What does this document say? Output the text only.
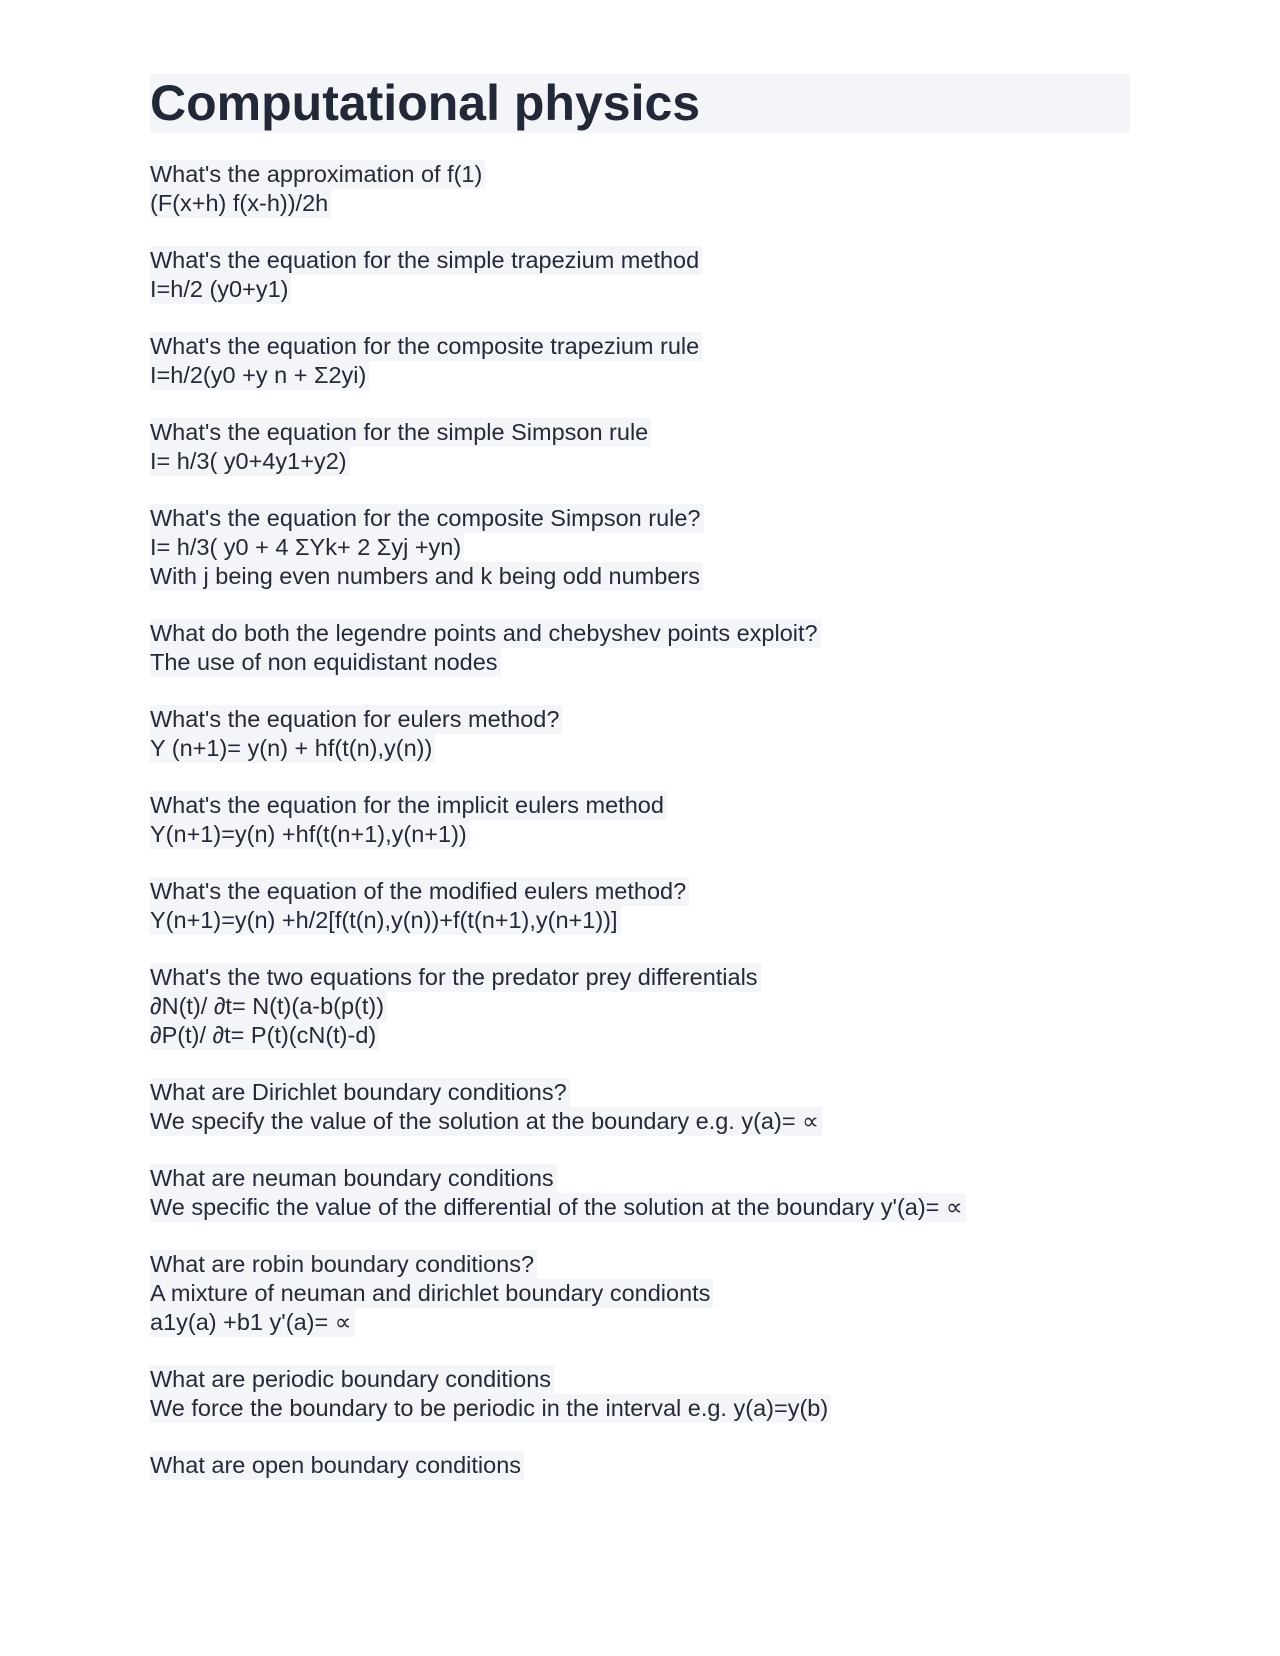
Computational physics
What's the approximation of f(1)
(F(x+h) f(x-h))/2h
What's the equation for the simple trapezium method
I=h/2 (y0+y1)
What's the equation for the composite trapezium rule
I=h/2(y0 +y n + Σ2yi)
What's the equation for the simple Simpson rule
I= h/3( y0+4y1+y2)
What's the equation for the composite Simpson rule?
I= h/3( y0 + 4 ΣYk+ 2 Σyj +yn)
With j being even numbers and k being odd numbers
What do both the legendre points and chebyshev points exploit?
The use of non equidistant nodes
What's the equation for eulers method?
Y (n+1)= y(n) + hf(t(n),y(n))
What's the equation for the implicit eulers method
Y(n+1)=y(n) +hf(t(n+1),y(n+1))
What's the equation of the modified eulers method?
Y(n+1)=y(n) +h/2[f(t(n),y(n))+f(t(n+1),y(n+1))]
What's the two equations for the predator prey differentials
∂N(t)/ ∂t= N(t)(a-b(p(t))
∂P(t)/ ∂t= P(t)(cN(t)-d)
What are Dirichlet boundary conditions?
We specify the value of the solution at the boundary e.g. y(a)= ∝
What are neuman boundary conditions
We specific the value of the differential of the solution at the boundary y'(a)= ∝
What are robin boundary conditions?
A mixture of neuman and dirichlet boundary condionts
a1y(a) +b1 y'(a)= ∝
What are periodic boundary conditions
We force the boundary to be periodic in the interval e.g. y(a)=y(b)
What are open boundary conditions
